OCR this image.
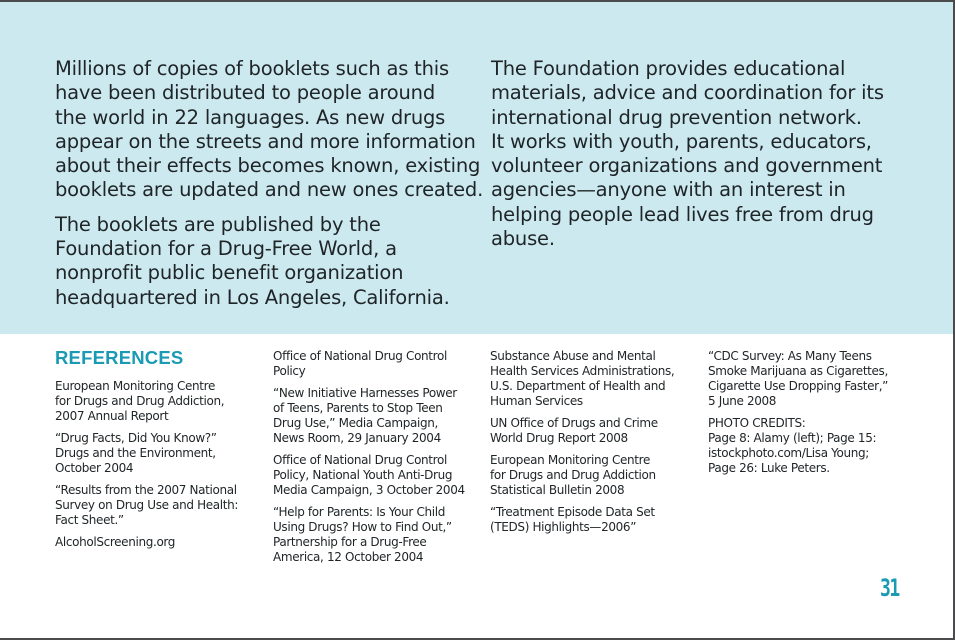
Millions of copies of booklets such as this
have been distributed to people around
the world in 22 languages. As new drugs
appear on the streets and more information
about their effects becomes known, existing
booklets are updated and new ones created.

The booklets are published by the
Foundation for a Drug-Free World, a
nonprofit public benefit organization
headquartered in Los Angeles, California.

The Foundation provides educational
materials, advice and coordination for its
international drug prevention network.
It works with youth, parents, educators,
volunteer organizations and government
agencies—anyone with an interest in
helping people lead lives free from drug
abuse.

REFERENCES
European Monitoring Centre
for Drugs and Drug Addiction,
2007 Annual Report
“Drug Facts, Did You Know?”
Drugs and the Environment,
October 2004
“Results from the 2007 National
Survey on Drug Use and Health:
Fact Sheet.”
AlcoholScreening.org
Office of National Drug Control
Policy
“New Initiative Harnesses Power
of Teens, Parents to Stop Teen
Drug Use,” Media Campaign,
News Room, 29 January 2004
Office of National Drug Control
Policy, National Youth Anti-Drug
Media Campaign, 3 October 2004
“Help for Parents: Is Your Child
Using Drugs? How to Find Out,”
Partnership for a Drug-Free
America, 12 October 2004
Substance Abuse and Mental
Health Services Administrations,
U.S. Department of Health and
Human Services
UN Office of Drugs and Crime
World Drug Report 2008
European Monitoring Centre
for Drugs and Drug Addiction
Statistical Bulletin 2008
“Treatment Episode Data Set
(TEDS) Highlights—2006”
“CDC Survey: As Many Teens
Smoke Marijuana as Cigarettes,
Cigarette Use Dropping Faster,”
5 June 2008
PHOTO CREDITS:
Page 8: Alamy (left); Page 15:
istockphoto.com/Lisa Young;
Page 26: Luke Peters.
31
